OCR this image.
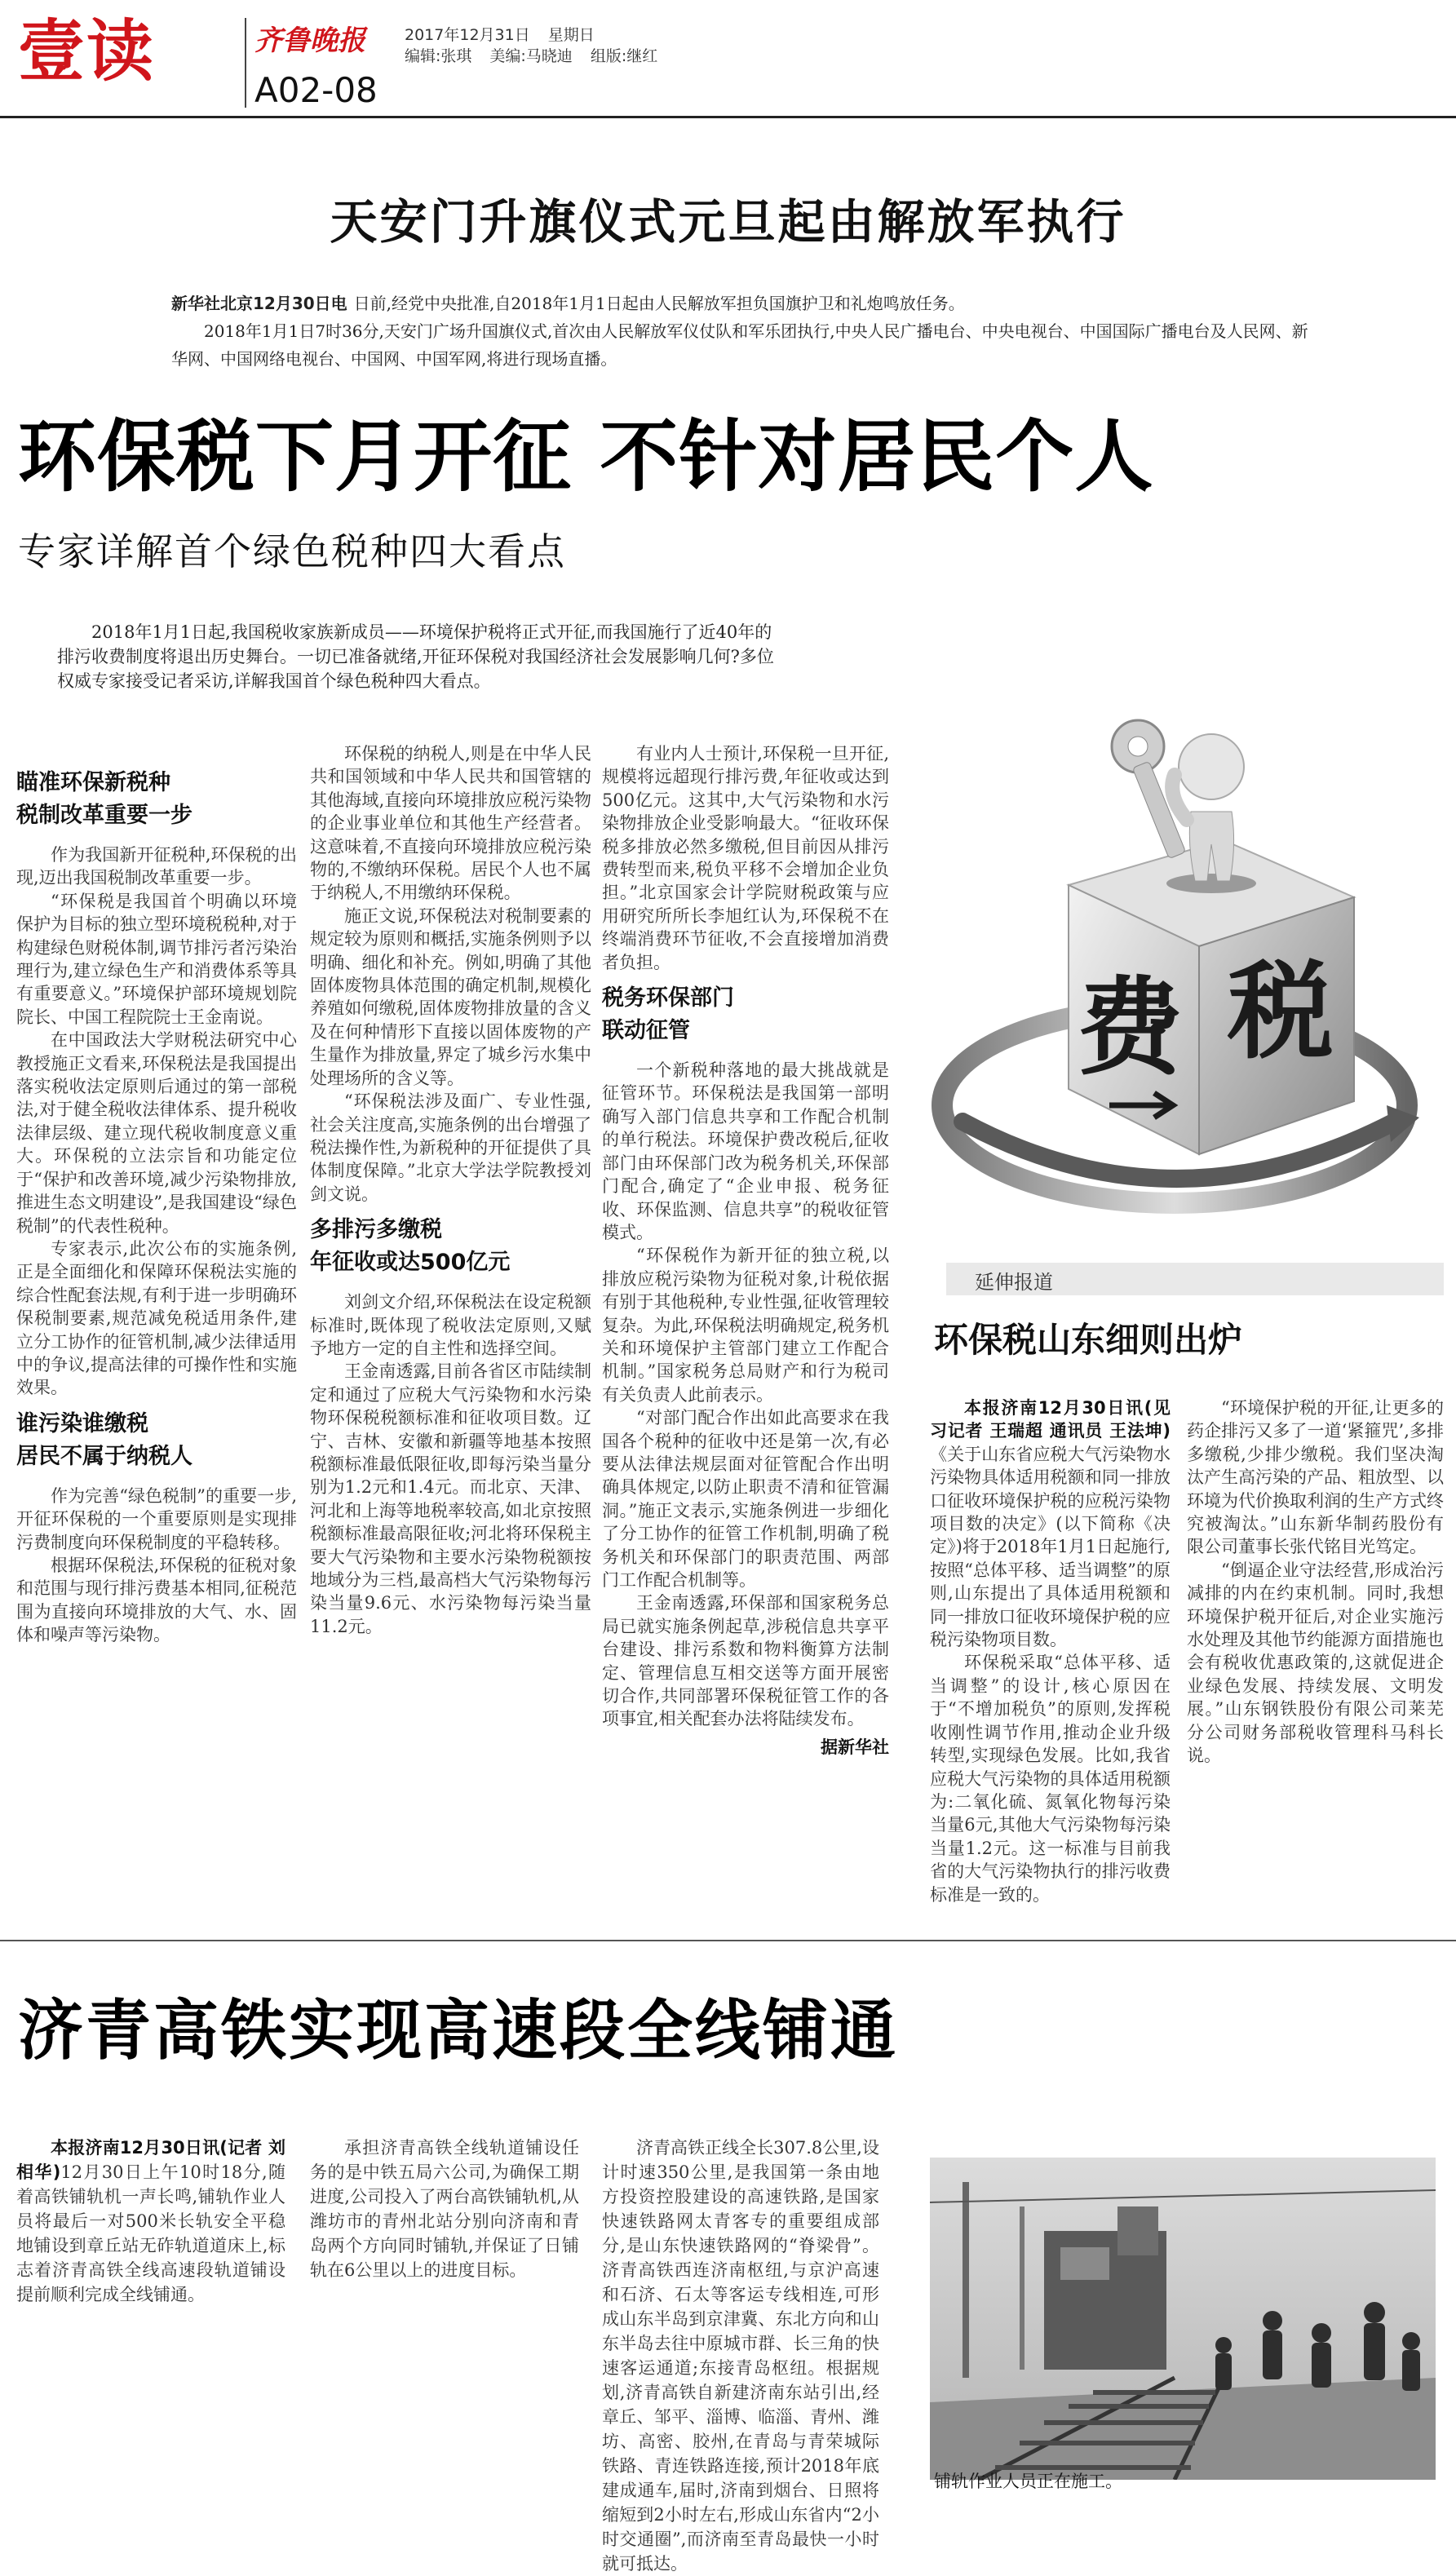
壹读	齐鲁晚报
A02-08
2017年12月31日 星期日
编辑:张琪 美编:马晓迪 组版:继红
天安门升旗仪式元旦起由解放军执行
新华社北京12月30日电 日前,经党中央批准,自2018年1月1日起由人民解放军担负国旗护卫和礼炮鸣放任务。
2018年1月1日7时36分,天安门广场升国旗仪式,首次由人民解放军仪仗队和军乐团执行,中央人民广播电台、中央电视台、中国国际广播电台及人民网、新华网、中国网络电视台、中国网、中国军网,将进行现场直播。
环保税下月开征 不针对居民个人
专家详解首个绿色税种四大看点
2018年1月1日起,我国税收家族新成员——环境保护税将正式开征,而我国施行了近40年的排污收费制度将退出历史舞台。一切已准备就绪,开征环保税对我国经济社会发展影响几何?多位权威专家接受记者采访,详解我国首个绿色税种四大看点。
瞄准环保新税种
税制改革重要一步

作为我国新开征税种,环保税的出现,迈出我国税制改革重要一步。

“环保税是我国首个明确以环境保护为目标的独立型环境税税种,对于构建绿色财税体制,调节排污者污染治理行为,建立绿色生产和消费体系等具有重要意义。”环境保护部环境规划院院长、中国工程院院士王金南说。

在中国政法大学财税法研究中心教授施正文看来,环保税法是我国提出落实税收法定原则后通过的第一部税法,对于健全税收法律体系、提升税收法律层级、建立现代税收制度意义重大。环保税的立法宗旨和功能定位于“保护和改善环境,减少污染物排放,推进生态文明建设”,是我国建设“绿色税制”的代表性税种。

专家表示,此次公布的实施条例,正是全面细化和保障环保税法实施的综合性配套法规,有利于进一步明确环保税制要素,规范减免税适用条件,建立分工协作的征管机制,减少法律适用中的争议,提高法律的可操作性和实施效果。

谁污染谁缴税
居民不属于纳税人

作为完善“绿色税制”的重要一步,开征环保税的一个重要原则是实现排污费制度向环保税制度的平稳转移。

根据环保税法,环保税的征税对象和范围与现行排污费基本相同,征税范围为直接向环境排放的大气、水、固体和噪声等污染物。

环保税的纳税人,则是在中华人民共和国领域和中华人民共和国管辖的其他海域,直接向环境排放应税污染物的企业事业单位和其他生产经营者。这意味着,不直接向环境排放应税污染物的,不缴纳环保税。居民个人也不属于纳税人,不用缴纳环保税。

施正文说,环保税法对税制要素的规定较为原则和概括,实施条例则予以明确、细化和补充。例如,明确了其他固体废物具体范围的确定机制,规模化养殖如何缴税,固体废物排放量的含义及在何种情形下直接以固体废物的产生量作为排放量,界定了城乡污水集中处理场所的含义等。

“环保税法涉及面广、专业性强,社会关注度高,实施条例的出台增强了税法操作性,为新税种的开征提供了具体制度保障。”北京大学法学院教授刘剑文说。

多排污多缴税
年征收或达500亿元

刘剑文介绍,环保税法在设定税额标准时,既体现了税收法定原则,又赋予地方一定的自主性和选择空间。

王金南透露,目前各省区市陆续制定和通过了应税大气污染物和水污染物环保税税额标准和征收项目数。辽宁、吉林、安徽和新疆等地基本按照税额标准最低限征收,即每污染当量分别为1.2元和1.4元。而北京、天津、河北和上海等地税率较高,如北京按照税额标准最高限征收;河北将环保税主要大气污染物和主要水污染物税额按地域分为三档,最高档大气污染物每污染当量9.6元、水污染物每污染当量11.2元。

有业内人士预计,环保税一旦开征,规模将远超现行排污费,年征收或达到500亿元。这其中,大气污染物和水污染物排放企业受影响最大。“征收环保税多排放必然多缴税,但目前因从排污费转型而来,税负平移不会增加企业负担。”北京国家会计学院财税政策与应用研究所所长李旭红认为,环保税不在终端消费环节征收,不会直接增加消费者负担。

税务环保部门
联动征管

一个新税种落地的最大挑战就是征管环节。环保税法是我国第一部明确写入部门信息共享和工作配合机制的单行税法。环境保护费改税后,征收部门由环保部门改为税务机关,环保部门配合,确定了“企业申报、税务征收、环保监测、信息共享”的税收征管模式。

“环保税作为新开征的独立税,以排放应税污染物为征税对象,计税依据有别于其他税种,专业性强,征收管理较复杂。为此,环保税法明确规定,税务机关和环境保护主管部门建立工作配合机制。”国家税务总局财产和行为税司有关负责人此前表示。

“对部门配合作出如此高要求在我国各个税种的征收中还是第一次,有必要从法律法规层面对征管配合作出明确具体规定,以防止职责不清和征管漏洞。”施正文表示,实施条例进一步细化了分工协作的征管工作机制,明确了税务机关和环保部门的职责范围、两部门工作配合机制等。

王金南透露,环保部和国家税务总局已就实施条例起草,涉税信息共享平台建设、排污系数和物料衡算方法制定、管理信息互相交送等方面开展密切合作,共同部署环保税征管工作的各项事宜,相关配套办法将陆续发布。

据新华社

费 税
延伸报道
环保税山东细则出炉

本报济南12月30日讯(见习记者 王瑞超 通讯员 王法坤)《关于山东省应税大气污染物水污染物具体适用税额和同一排放口征收环境保护税的应税污染物项目数的决定》(以下简称《决定》)将于2018年1月1日起施行,按照“总体平移、适当调整”的原则,山东提出了具体适用税额和同一排放口征收环境保护税的应税污染物项目数。

环保税采取“总体平移、适当调整”的设计,核心原因在于“不增加税负”的原则,发挥税收刚性调节作用,推动企业升级转型,实现绿色发展。比如,我省应税大气污染物的具体适用税额为:二氧化硫、氮氧化物每污染当量6元,其他大气污染物每污染当量1.2元。这一标准与目前我省的大气污染物执行的排污收费标准是一致的。

“环境保护税的开征,让更多的药企排污又多了一道‘紧箍咒’,多排多缴税,少排少缴税。我们坚决淘汰产生高污染的产品、粗放型、以环境为代价换取利润的生产方式终究被淘汰。”山东新华制药股份有限公司董事长张代铭目光笃定。

“倒逼企业守法经营,形成治污减排的内在约束机制。同时,我想环境保护税开征后,对企业实施污水处理及其他节约能源方面措施也会有税收优惠政策的,这就促进企业绿色发展、持续发展、文明发展。”山东钢铁股份有限公司莱芜分公司财务部税收管理科马科长说。

济青高铁实现高速段全线铺通

本报济南12月30日讯(记者 刘相华)12月30日上午10时18分,随着高铁铺轨机一声长鸣,铺轨作业人员将最后一对500米长轨安全平稳地铺设到章丘站无砟轨道道床上,标志着济青高铁全线高速段轨道铺设提前顺利完成全线铺通。

承担济青高铁全线轨道铺设任务的是中铁五局六公司,为确保工期进度,公司投入了两台高铁铺轨机,从潍坊市的青州北站分别向济南和青岛两个方向同时铺轨,并保证了日铺轨在6公里以上的进度目标。

济青高铁正线全长307.8公里,设计时速350公里,是我国第一条由地方投资控股建设的高速铁路,是国家快速铁路网太青客专的重要组成部分,是山东快速铁路网的“脊梁骨”。济青高铁西连济南枢纽,与京沪高速和石济、石太等客运专线相连,可形成山东半岛到京津冀、东北方向和山东半岛去往中原城市群、长三角的快速客运通道;东接青岛枢纽。根据规划,济青高铁自新建济南东站引出,经章丘、邹平、淄博、临淄、青州、潍坊、高密、胶州,在青岛与青荣城际铁路、青连铁路连接,预计2018年底建成通车,届时,济南到烟台、日照将缩短到2小时左右,形成山东省内“2小时交通圈”,而济南至青岛最快一小时就可抵达。

铺轨作业人员正在施工。
